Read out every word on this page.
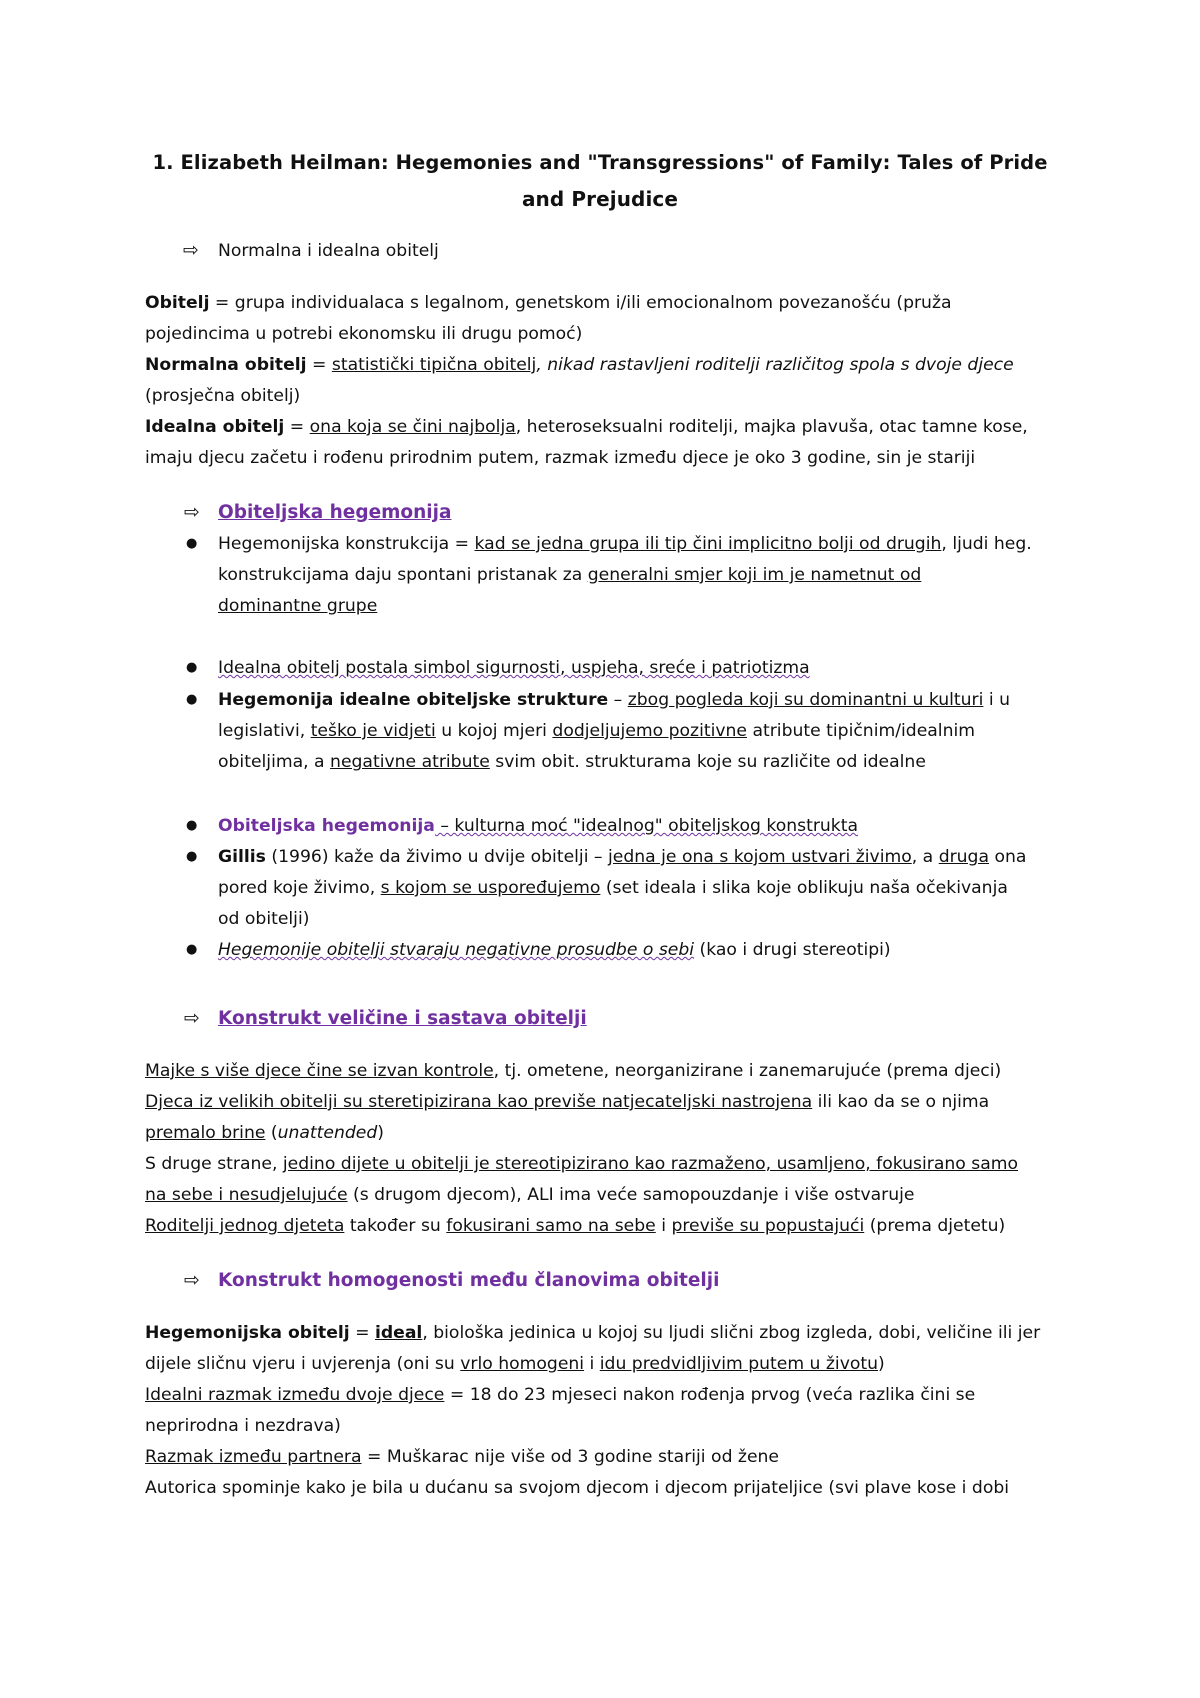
1. Elizabeth Heilman: Hegemonies and "Transgressions" of Family: Tales of Pride
and Prejudice
⇨ Normalna i idealna obitelj
Obitelj = grupa individualaca s legalnom, genetskom i/ili emocionalnom povezanošću (pruža
pojedincima u potrebi ekonomsku ili drugu pomoć)
Normalna obitelj = statistički tipična obitelj, nikad rastavljeni roditelji različitog spola s dvoje djece
(prosječna obitelj)
Idealna obitelj = ona koja se čini najbolja, heteroseksualni roditelji, majka plavuša, otac tamne kose,
imaju djecu začetu i rođenu prirodnim putem, razmak između djece je oko 3 godine, sin je stariji
⇨ Obiteljska hegemonija
● Hegemonijska konstrukcija = kad se jedna grupa ili tip čini implicitno bolji od drugih, ljudi heg.
konstrukcijama daju spontani pristanak za generalni smjer koji im je nametnut od
dominantne grupe
● Idealna obitelj postala simbol sigurnosti, uspjeha, sreće i patriotizma
● Hegemonija idealne obiteljske strukture – zbog pogleda koji su dominantni u kulturi i u
legislativi, teško je vidjeti u kojoj mjeri dodjeljujemo pozitivne atribute tipičnim/idealnim
obiteljima, a negativne atribute svim obit. strukturama koje su različite od idealne
● Obiteljska hegemonija – kulturna moć "idealnog" obiteljskog konstrukta
● Gillis (1996) kaže da živimo u dvije obitelji – jedna je ona s kojom ustvari živimo, a druga ona
pored koje živimo, s kojom se uspoređujemo (set ideala i slika koje oblikuju naša očekivanja
od obitelji)
● Hegemonije obitelji stvaraju negativne prosudbe o sebi (kao i drugi stereotipi)
⇨ Konstrukt veličine i sastava obitelji
Majke s više djece čine se izvan kontrole, tj. ometene, neorganizirane i zanemarujuće (prema djeci)
Djeca iz velikih obitelji su steretipizirana kao previše natjecateljski nastrojena ili kao da se o njima
premalo brine (unattended)
S druge strane, jedino dijete u obitelji je stereotipizirano kao razmaženo, usamljeno, fokusirano samo
na sebe i nesudjelujuće (s drugom djecom), ALI ima veće samopouzdanje i više ostvaruje
Roditelji jednog djeteta također su fokusirani samo na sebe i previše su popustajući (prema djetetu)
⇨ Konstrukt homogenosti među članovima obitelji
Hegemonijska obitelj = ideal, biološka jedinica u kojoj su ljudi slični zbog izgleda, dobi, veličine ili jer
dijele sličnu vjeru i uvjerenja (oni su vrlo homogeni i idu predvidljivim putem u životu)
Idealni razmak između dvoje djece = 18 do 23 mjeseci nakon rođenja prvog (veća razlika čini se
neprirodna i nezdrava)
Razmak između partnera = Muškarac nije više od 3 godine stariji od žene
Autorica spominje kako je bila u dućanu sa svojom djecom i djecom prijateljice (svi plave kose i dobi
